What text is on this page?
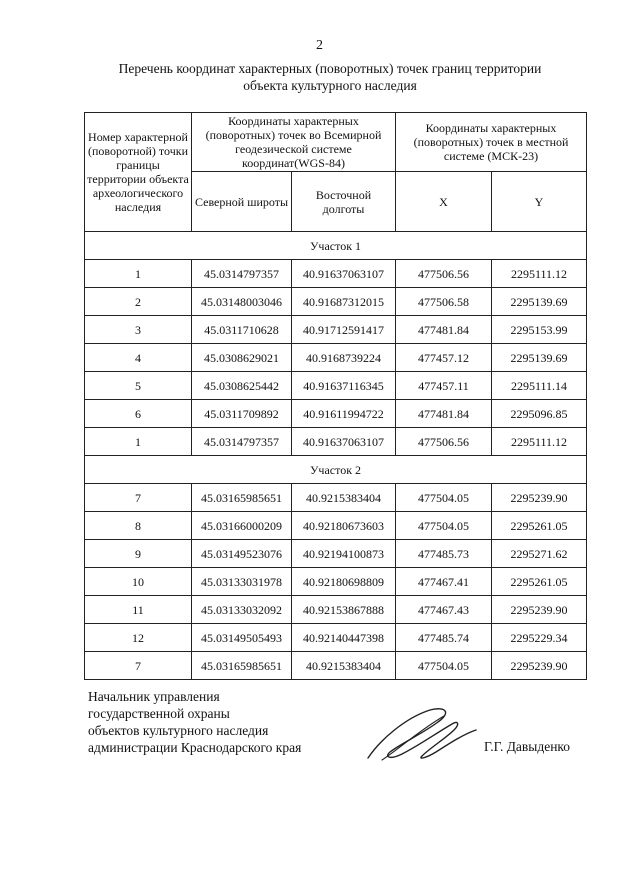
2
Перечень координат характерных (поворотных) точек границ территории
объекта культурного наследия
Номер характерной (поворотной) точки границы территории объекта археологического наследия	Координаты характерных (поворотных) точек во Всемирной геодезической системе координат(WGS-84)		Координаты характерных (поворотных) точек в местной системе (МСК-23)	
	Северной широты	Восточной долготы	X	Y
Участок 1				
1	45.0314797357	40.91637063107	477506.56	2295111.12
2	45.03148003046	40.91687312015	477506.58	2295139.69
3	45.0311710628	40.91712591417	477481.84	2295153.99
4	45.0308629021	40.9168739224	477457.12	2295139.69
5	45.0308625442	40.91637116345	477457.11	2295111.14
6	45.0311709892	40.91611994722	477481.84	2295096.85
1	45.0314797357	40.91637063107	477506.56	2295111.12
Участок 2				
7	45.03165985651	40.9215383404	477504.05	2295239.90
8	45.03166000209	40.92180673603	477504.05	2295261.05
9	45.03149523076	40.92194100873	477485.73	2295271.62
10	45.03133031978	40.92180698809	477467.41	2295261.05
11	45.03133032092	40.92153867888	477467.43	2295239.90
12	45.03149505493	40.92140447398	477485.74	2295229.34
7	45.03165985651	40.9215383404	477504.05	2295239.90
Начальник управления
государственной охраны
объектов культурного наследия
администрации Краснодарского края	Г.Г. Давыденко
